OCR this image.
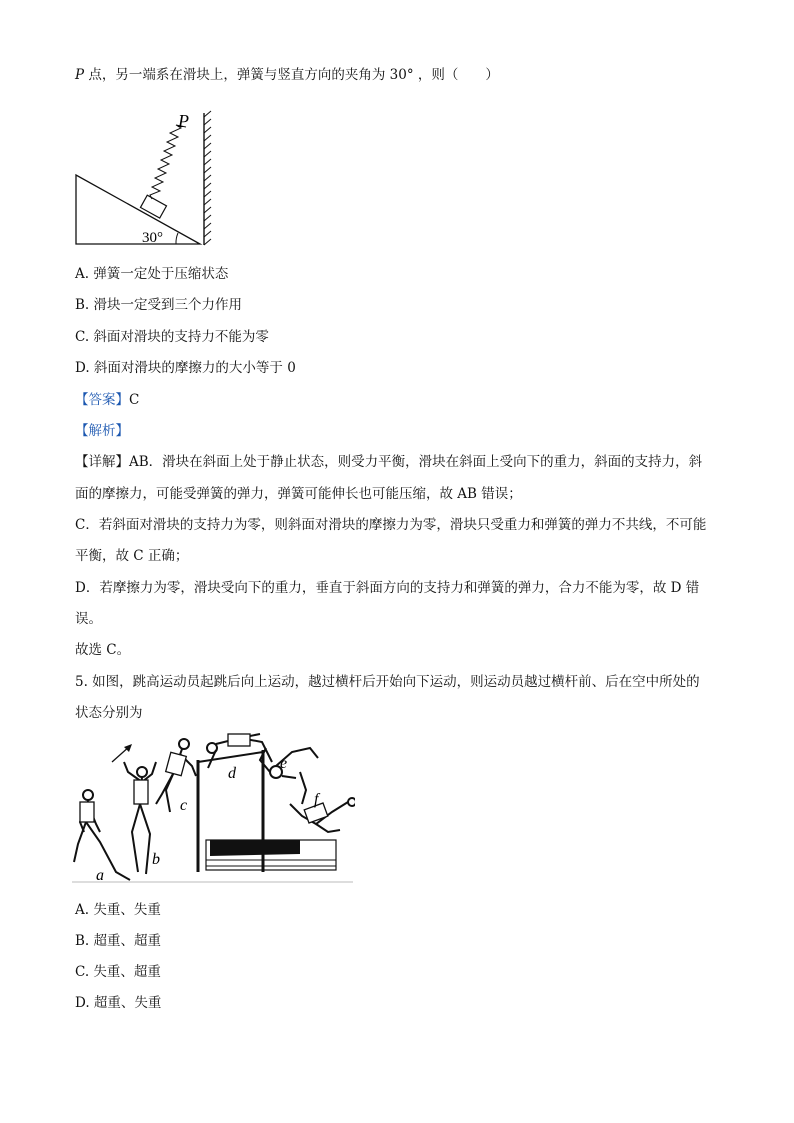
P 点，另一端系在滑块上，弹簧与竖直方向的夹角为 30° ，则（　　）
P
30°
A. 弹簧一定处于压缩状态
B. 滑块一定受到三个力作用
C. 斜面对滑块的支持力不能为零
D. 斜面对滑块的摩擦力的大小等于 0
【答案】C
【解析】
【详解】AB．滑块在斜面上处于静止状态，则受力平衡，滑块在斜面上受向下的重力，斜面的支持力，斜
面的摩擦力，可能受弹簧的弹力，弹簧可能伸长也可能压缩，故 AB 错误；
C．若斜面对滑块的支持力为零，则斜面对滑块的摩擦力为零，滑块只受重力和弹簧的弹力不共线，不可能
平衡，故 C 正确；
D．若摩擦力为零，滑块受向下的重力，垂直于斜面方向的支持力和弹簧的弹力，合力不能为零，故 D 错
误。
故选 C。
5. 如图，跳高运动员起跳后向上运动，越过横杆后开始向下运动，则运动员越过横杆前、后在空中所处的
状态分别为
a
b
c
d
e
f
A. 失重、失重
B. 超重、超重
C. 失重、超重
D. 超重、失重
